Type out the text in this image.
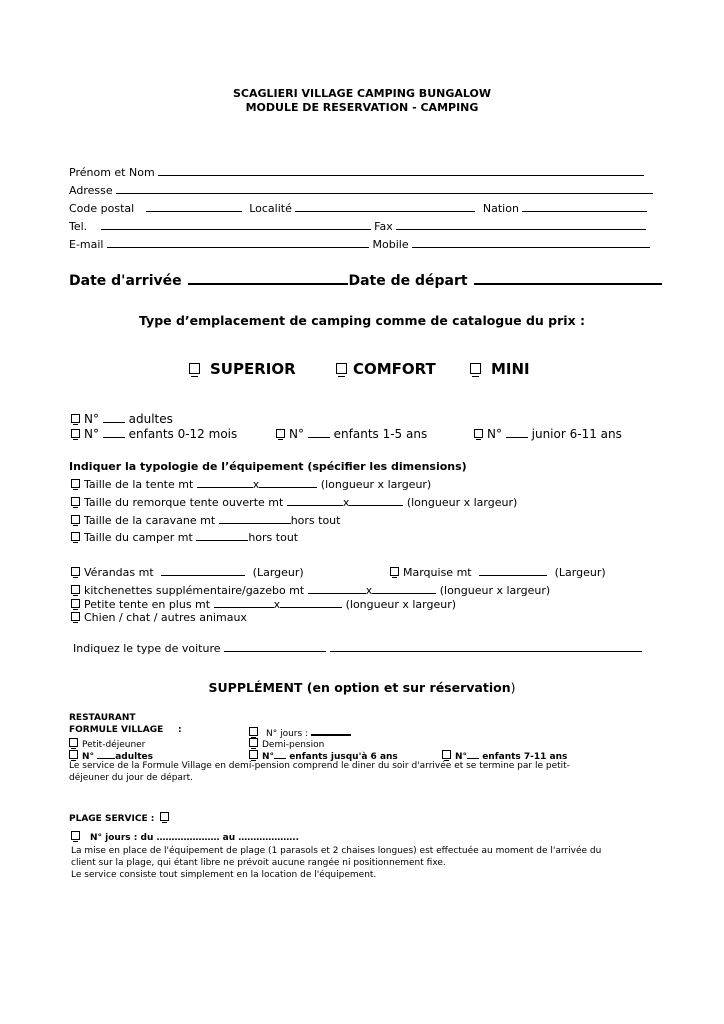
SCAGLIERI VILLAGE CAMPING BUNGALOW
MODULE DE RESERVATION - CAMPING
Prénom et Nom
Adresse
Code postal	Localité	Nation
Tel.	Fax
E-mail	Mobile
Date d'arrivée	Date de départ
Type d’emplacement de camping comme de catalogue du prix :
SUPERIOR	COMFORT	MINI
N° adultes
N° enfants 0-12 mois	N° enfants 1-5 ans	N° junior 6-11 ans
Indiquer la typologie de l’équipement (spécifier les dimensions)
Taille de la tente mt	x	(longueur x largeur)
Taille du remorque tente ouverte mt	x	(longueur x largeur)
Taille de la caravane mt	hors tout
Taille du camper mt	hors tout
Vérandas mt	(Largeur)	Marquise mt	(Largeur)
kitchenettes supplémentaire/gazebo mt	x	(longueur x largeur)
Petite tente en plus mt	x	(longueur x largeur)
Chien / chat / autres animaux
Indiquez le type de voiture
SUPPLÉMENT (en option et sur réservation)
RESTAURANT
FORMULE VILLAGE :	N° jours :
Petit-déjeuner	Demi-pension
N° adultes	N° enfants jusqu'à 6 ans	N° enfants 7-11 ans
Le service de la Formule Village en demi-pension comprend le diner du soir d'arrivée et se termine par le petit-
déjeuner du jour de départ.
PLAGE SERVICE :
N° jours : du ………………… au ………………..
La mise en place de l'équipement de plage (1 parasols et 2 chaises longues) est effectuée au moment de l'arrivée du
client sur la plage, qui étant libre ne prévoit aucune rangée ni positionnement fixe.
Le service consiste tout simplement en la location de l'équipement.
